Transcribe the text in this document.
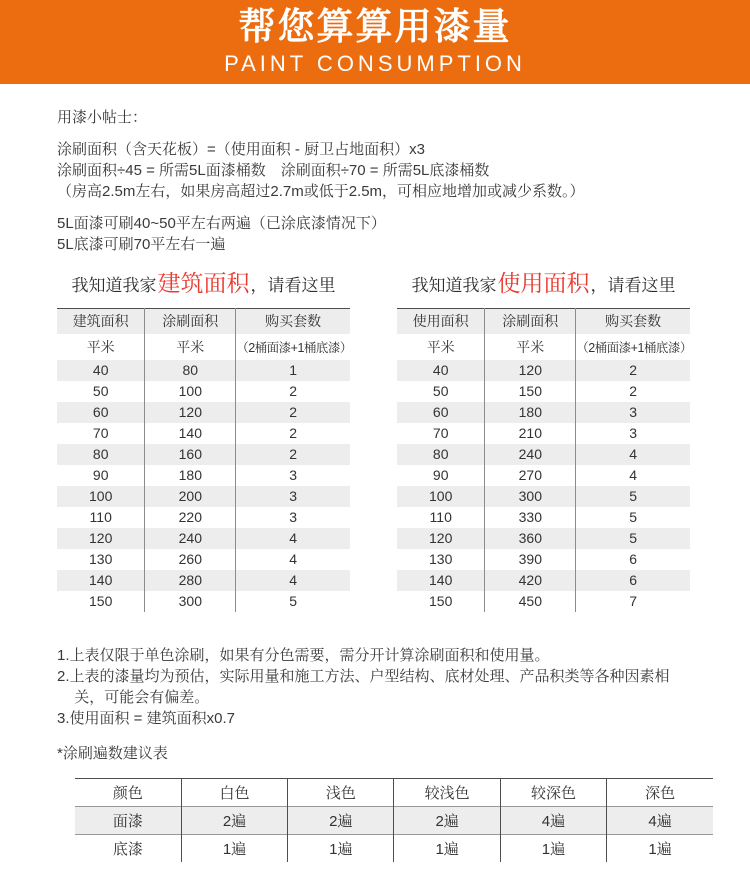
帮您算算用漆量
PAINT CONSUMPTION
用漆小帖士：
涂刷面积（含天花板）=（使用面积 - 厨卫占地面积）x3
涂刷面积÷45 = 所需5L面漆桶数　涂刷面积÷70 = 所需5L底漆桶数
（房高2.5m左右，如果房高超过2.7m或低于2.5m，可相应地增加或减少系数。）
5L面漆可刷40~50平左右两遍（已涂底漆情况下）
5L底漆可刷70平左右一遍
我知道我家建筑面积，请看这里
建筑面积	涂刷面积	购买套数
平米	平米	（2桶面漆+1桶底漆）
40	80	1
50	100	2
60	120	2
70	140	2
80	160	2
90	180	3
100	200	3
110	220	3
120	240	4
130	260	4
140	280	4
150	300	5
我知道我家使用面积，请看这里
使用面积	涂刷面积	购买套数
平米	平米	（2桶面漆+1桶底漆）
40	120	2
50	150	2
60	180	3
70	210	3
80	240	4
90	270	4
100	300	5
110	330	5
120	360	5
130	390	6
140	420	6
150	450	7
1.上表仅限于单色涂刷，如果有分色需要，需分开计算涂刷面积和使用量。
2.上表的漆量均为预估，实际用量和施工方法、户型结构、底材处理、产品积类等各种因素相关，可能会有偏差。
3.使用面积 = 建筑面积x0.7
*涂刷遍数建议表
颜色	白色	浅色	较浅色	较深色	深色
面漆	2遍	2遍	2遍	4遍	4遍
底漆	1遍	1遍	1遍	1遍	1遍
